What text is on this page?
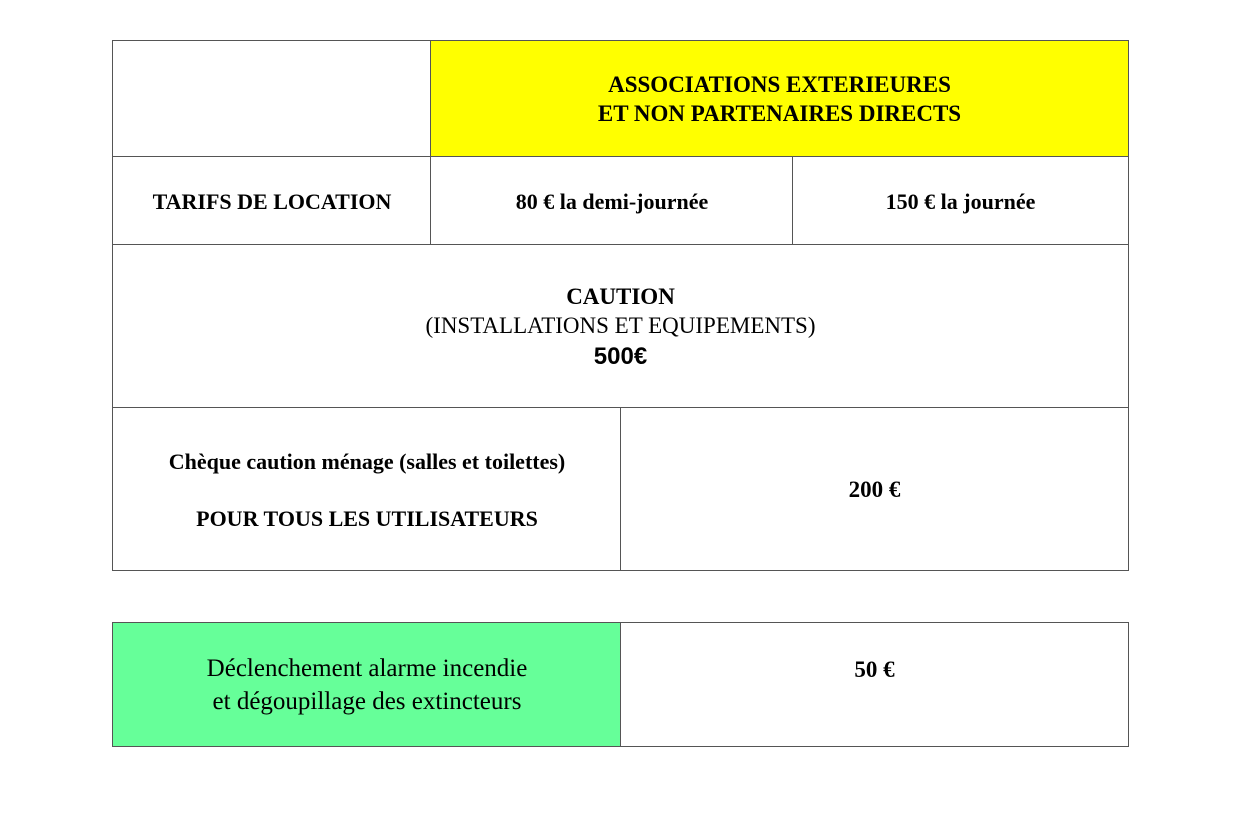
ASSOCIATIONS EXTERIEURES
ET NON PARTENAIRES DIRECTS
TARIFS DE LOCATION	80 € la demi-journée	150 € la journée
CAUTION
(INSTALLATIONS ET EQUIPEMENTS)
500€
Chèque caution ménage (salles et toilettes)
POUR TOUS LES UTILISATEURS
200 €
Déclenchement alarme incendie
et dégoupillage des extincteurs
50 €
